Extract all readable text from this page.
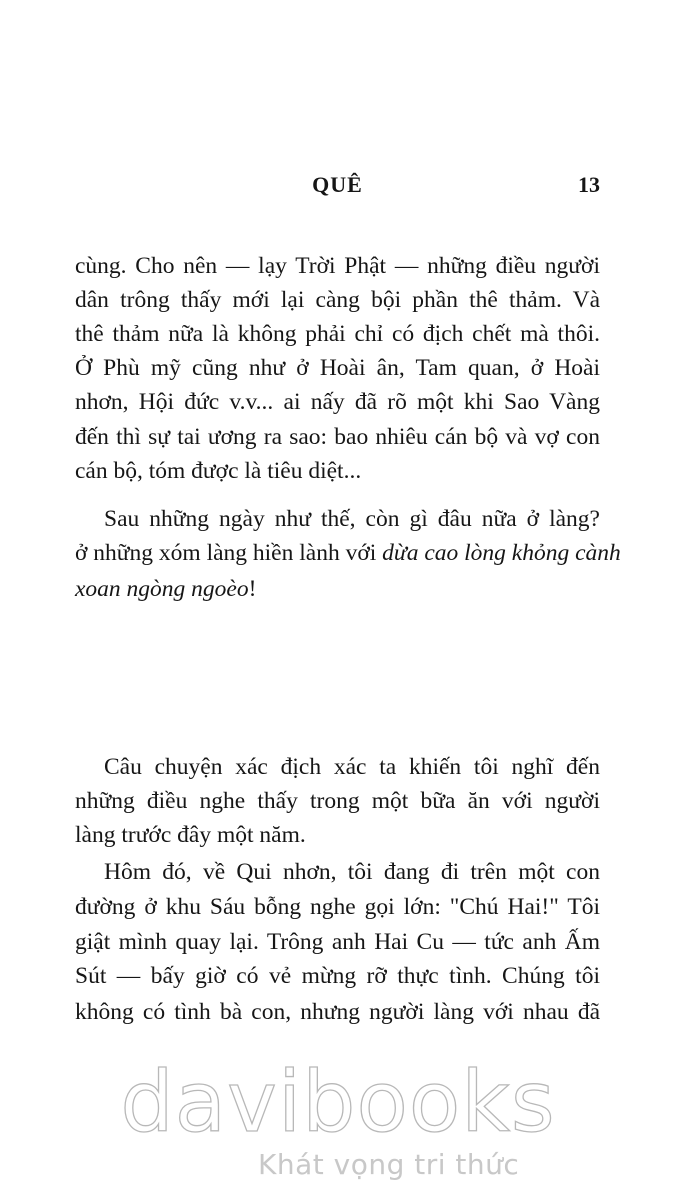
QUÊ	13
cùng. Cho nên — lạy Trời Phật — những điều người
dân trông thấy mới lại càng bội phần thê thảm. Và
thê thảm nữa là không phải chỉ có địch chết mà thôi.
Ở Phù mỹ cũng như ở Hoài ân, Tam quan, ở Hoài
nhơn, Hội đức v.v... ai nấy đã rõ một khi Sao Vàng
đến thì sự tai ương ra sao: bao nhiêu cán bộ và vợ con
cán bộ, tóm được là tiêu diệt...
Sau những ngày như thế, còn gì đâu nữa ở làng?
ở những xóm làng hiền lành với dừa cao lòng khỏng cành
xoan ngòng ngoèo!
Câu chuyện xác địch xác ta khiến tôi nghĩ đến
những điều nghe thấy trong một bữa ăn với người
làng trước đây một năm.
Hôm đó, về Qui nhơn, tôi đang đi trên một con
đường ở khu Sáu bỗng nghe gọi lớn: "Chú Hai!" Tôi
giật mình quay lại. Trông anh Hai Cu — tức anh Ấm
Sút — bấy giờ có vẻ mừng rỡ thực tình. Chúng tôi
không có tình bà con, nhưng người làng với nhau đã
davibooks
Khát vọng tri thức
